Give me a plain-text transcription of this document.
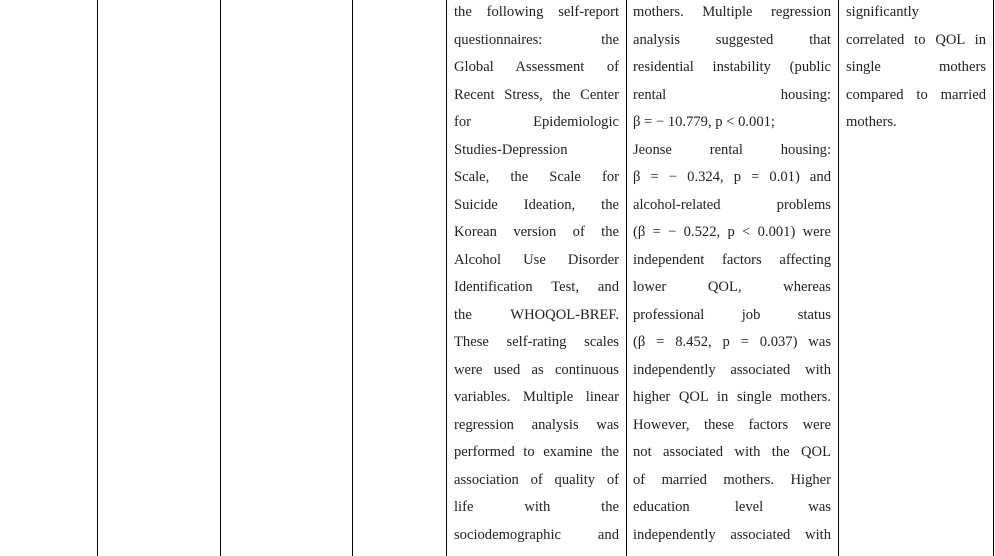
the following self-report
questionnaires: the
Global Assessment of
Recent Stress, the Center
for Epidemiologic
Studies-Depression
Scale, the Scale for
Suicide Ideation, the
Korean version of the
Alcohol Use Disorder
Identification Test, and
the WHOQOL-BREF.
These self-rating scales
were used as continuous
variables. Multiple linear
regression analysis was
performed to examine the
association of quality of
life with the
sociodemographic and
mothers. Multiple regression
analysis suggested that
residential instability (public
rental housing:
β = − 10.779, p < 0.001;
Jeonse rental housing:
β = − 0.324, p = 0.01) and
alcohol-related problems
(β = − 0.522, p < 0.001) were
independent factors affecting
lower QOL, whereas
professional job status
(β = 8.452, p = 0.037) was
independently associated with
higher QOL in single mothers.
However, these factors were
not associated with the QOL
of married mothers. Higher
education level was
independently associated with
significantly
correlated to QOL in
single mothers
compared to married
mothers.
